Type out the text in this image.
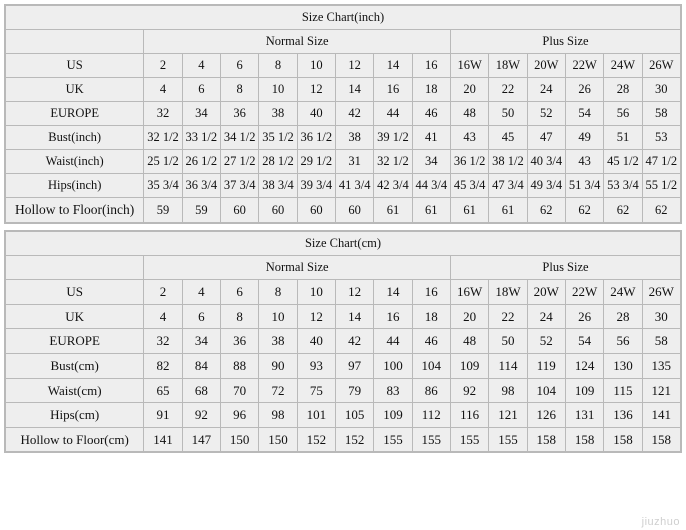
Size Chart(inch)														
	Normal Size								Plus Size					
US	2	4	6	8	10	12	14	16	16W	18W	20W	22W	24W	26W
UK	4	6	8	10	12	14	16	18	20	22	24	26	28	30
EUROPE	32	34	36	38	40	42	44	46	48	50	52	54	56	58
Bust(inch)	32 1/2	33 1/2	34 1/2	35 1/2	36 1/2	38	39 1/2	41	43	45	47	49	51	53
Waist(inch)	25 1/2	26 1/2	27 1/2	28 1/2	29 1/2	31	32 1/2	34	36 1/2	38 1/2	40 3/4	43	45 1/2	47 1/2
Hips(inch)	35 3/4	36 3/4	37 3/4	38 3/4	39 3/4	41 3/4	42 3/4	44 3/4	45 3/4	47 3/4	49 3/4	51 3/4	53 3/4	55 1/2
Hollow to Floor(inch)	59	59	60	60	60	60	61	61	61	61	62	62	62	62
Size Chart(cm)														
	Normal Size								Plus Size					
US	2	4	6	8	10	12	14	16	16W	18W	20W	22W	24W	26W
UK	4	6	8	10	12	14	16	18	20	22	24	26	28	30
EUROPE	32	34	36	38	40	42	44	46	48	50	52	54	56	58
Bust(cm)	82	84	88	90	93	97	100	104	109	114	119	124	130	135
Waist(cm)	65	68	70	72	75	79	83	86	92	98	104	109	115	121
Hips(cm)	91	92	96	98	101	105	109	112	116	121	126	131	136	141
Hollow to Floor(cm)	141	147	150	150	152	152	155	155	155	155	158	158	158	158
jiuzhuo
